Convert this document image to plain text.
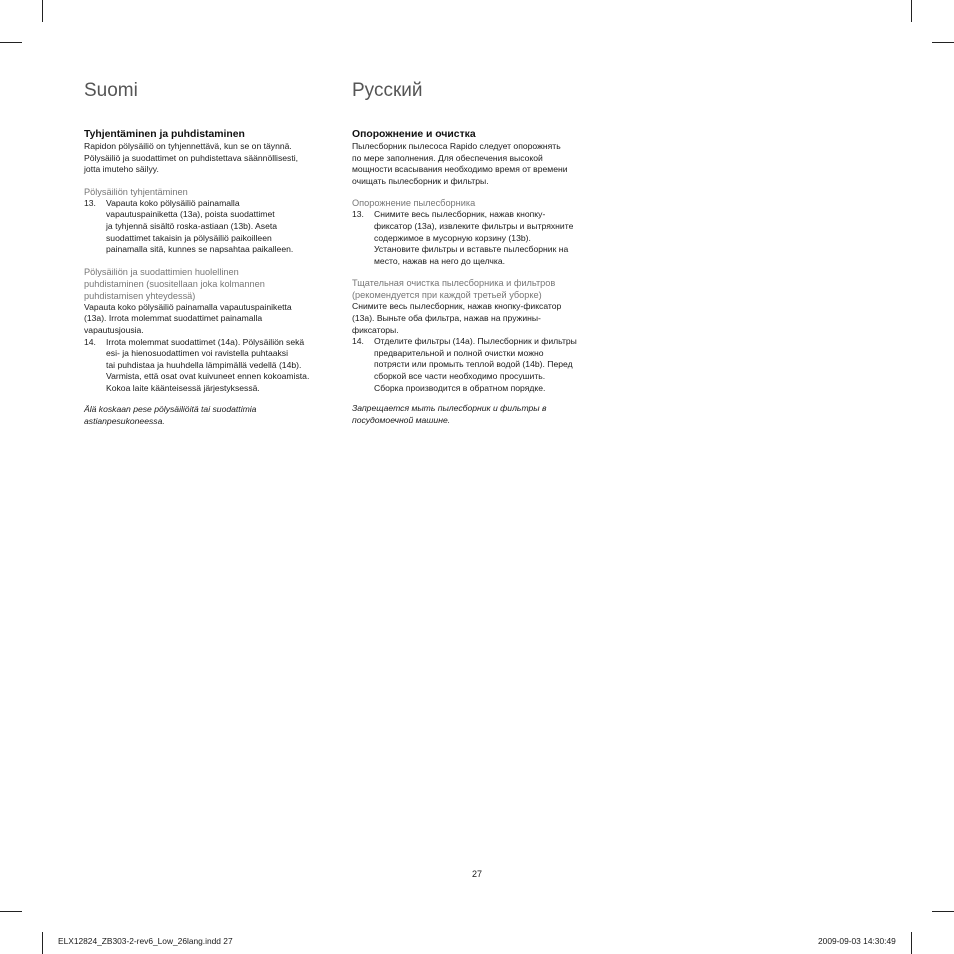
Suomi

Tyhjentäminen ja puhdistaminen

Rapidon pölysäiliö on tyhjennettävä, kun se on täynnä.

Pölysäiliö ja suodattimet on puhdistettava säännöllisesti,

jotta imuteho säilyy.

Pölysäiliön tyhjentäminen

13.	Vapauta koko pölysäiliö painamalla
vapautuspainiketta (13a), poista suodattimet
ja tyhjennä sisältö roska-astiaan (13b). Aseta
suodattimet takaisin ja pölysäiliö paikoilleen
painamalla sitä, kunnes se napsahtaa paikalleen.
Pölysäiliön ja suodattimien huolellinen
puhdistaminen (suositellaan joka kolmannen
puhdistamisen yhteydessä)

Vapauta koko pölysäiliö painamalla vapautuspainiketta

(13a). Irrota molemmat suodattimet painamalla

vapautusjousia.

14.	Irrota molemmat suodattimet (14a). Pölysäiliön sekä
esi- ja hienosuodattimen voi ravistella puhtaaksi
tai puhdistaa ja huuhdella lämpimällä vedellä (14b).
Varmista, että osat ovat kuivuneet ennen kokoamista.
Kokoa laite käänteisessä järjestyksessä.
Älä koskaan pese pölysäiliöitä tai suodattimia
astianpesukoneessa.
Русский

Опорожнение и очистка

Пылесборник пылесоса Rapido следует опорожнять

по мере заполнения. Для обеспечения высокой

мощности всасывания необходимо время от времени

очищать пылесборник и фильтры.

Опорожнение пылесборника

13.	Снимите весь пылесборник, нажав кнопку-
фиксатор (13a), извлеките фильтры и вытряхните
содержимое в мусорную корзину (13b).
Установите фильтры и вставьте пылесборник на
место, нажав на него до щелчка.
Тщательная очистка пылесборника и фильтров
(рекомендуется при каждой третьей уборке)

Снимите весь пылесборник, нажав кнопку-фиксатор

(13a). Выньте оба фильтра, нажав на пружины-

фиксаторы.

14.	Отделите фильтры (14a). Пылесборник и фильтры
предварительной и полной очистки можно
потрясти или промыть теплой водой (14b). Перед
сборкой все части необходимо просушить.
Сборка производится в обратном порядке.
Запрещается мыть пылесборник и фильтры в
посудомоечной машине.
27
ELX12824_ZB303-2-rev6_Low_26lang.indd 27	2009-09-03 14:30:49
